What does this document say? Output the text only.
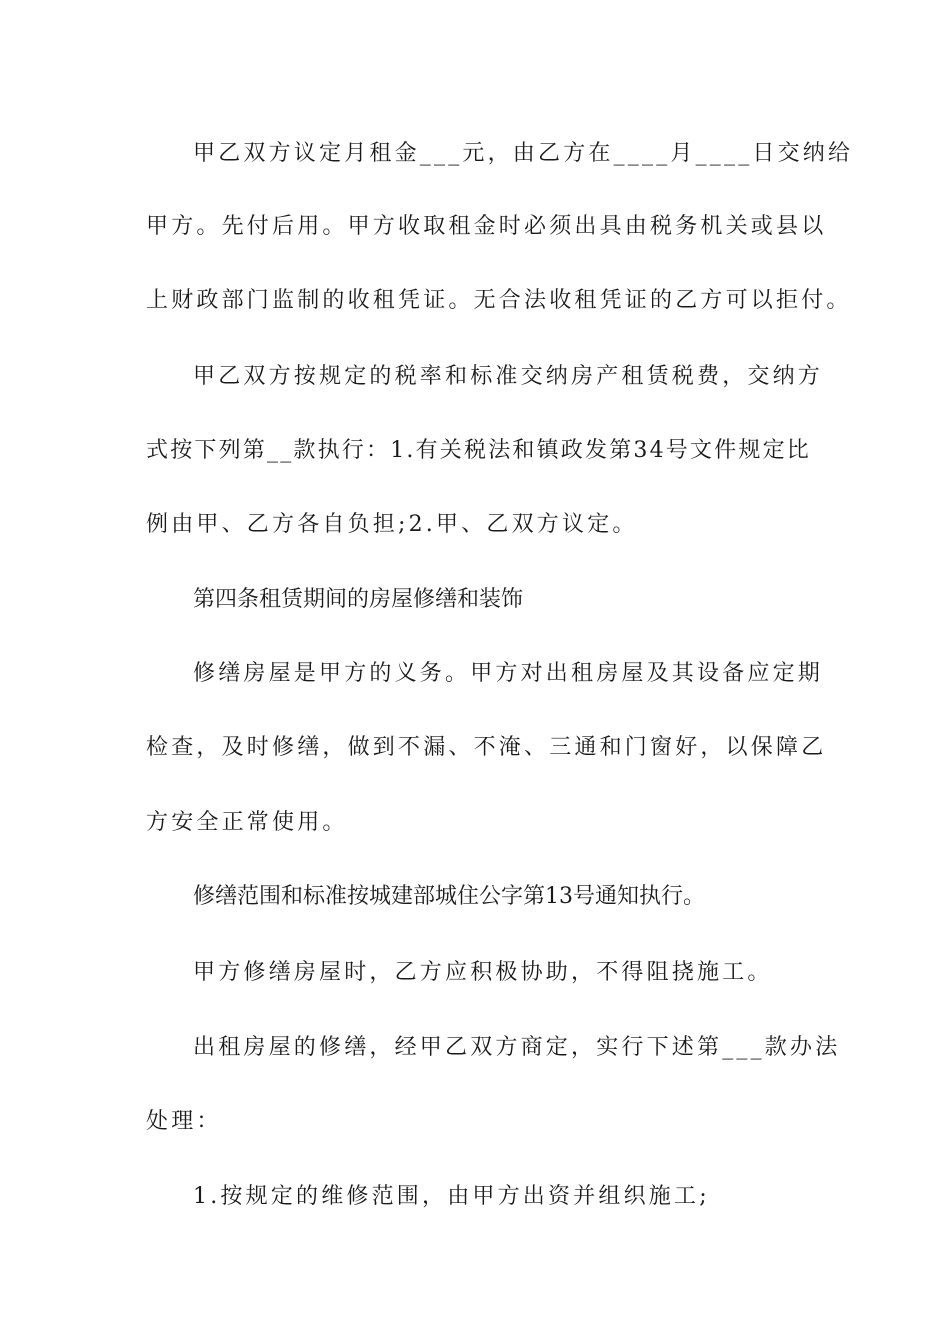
甲乙双方议定月租金___元，由乙方在____月____日交纳给
甲方。先付后用。甲方收取租金时必须出具由税务机关或县以
上财政部门监制的收租凭证。无合法收租凭证的乙方可以拒付。
甲乙双方按规定的税率和标准交纳房产租赁税费，交纳方
式按下列第__款执行：1.有关税法和镇政发第34号文件规定比
例由甲、乙方各自负担;2.甲、乙双方议定。
第四条租赁期间的房屋修缮和装饰
修缮房屋是甲方的义务。甲方对出租房屋及其设备应定期
检查，及时修缮，做到不漏、不淹、三通和门窗好，以保障乙
方安全正常使用。
修缮范围和标准按城建部城住公字第13号通知执行。
甲方修缮房屋时，乙方应积极协助，不得阻挠施工。
出租房屋的修缮，经甲乙双方商定，实行下述第___款办法
处理：
1.按规定的维修范围，由甲方出资并组织施工;
